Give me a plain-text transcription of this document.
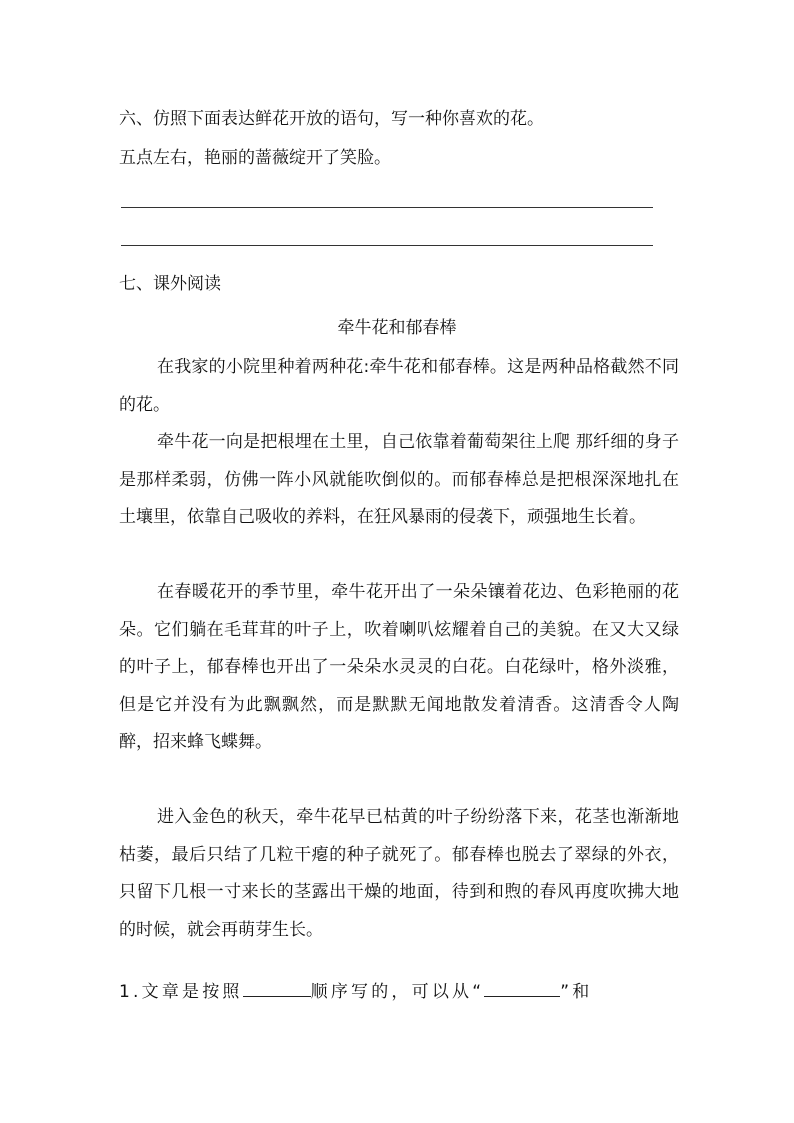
六、仿照下面表达鲜花开放的语句，写一种你喜欢的花。
五点左右，艳丽的蔷薇绽开了笑脸。
七、课外阅读
牵牛花和郁春棒
在我家的小院里种着两种花:牵牛花和郁春棒。这是两种品格截然不同的花。
牵牛花一向是把根埋在土里，自己依靠着葡萄架往上爬 那纤细的身子是那样柔弱，仿佛一阵小风就能吹倒似的。而郁春棒总是把根深深地扎在土壤里，依靠自己吸收的养料，在狂风暴雨的侵袭下，顽强地生长着。
在春暖花开的季节里，牵牛花开出了一朵朵镶着花边、色彩艳丽的花朵。它们躺在毛茸茸的叶子上，吹着喇叭炫耀着自己的美貌。在又大又绿的叶子上，郁春棒也开出了一朵朵水灵灵的白花。白花绿叶，格外淡雅，但是它并没有为此飘飘然，而是默默无闻地散发着清香。这清香令人陶醉，招来蜂飞蝶舞。
进入金色的秋天，牵牛花早已枯黄的叶子纷纷落下来，花茎也渐渐地枯萎，最后只结了几粒干瘪的种子就死了。郁春棒也脱去了翠绿的外衣，只留下几根一寸来长的茎露出干燥的地面，待到和煦的春风再度吹拂大地的时候，就会再萌芽生长。
1.文章是按照	顺序写的，可以从“	”和
